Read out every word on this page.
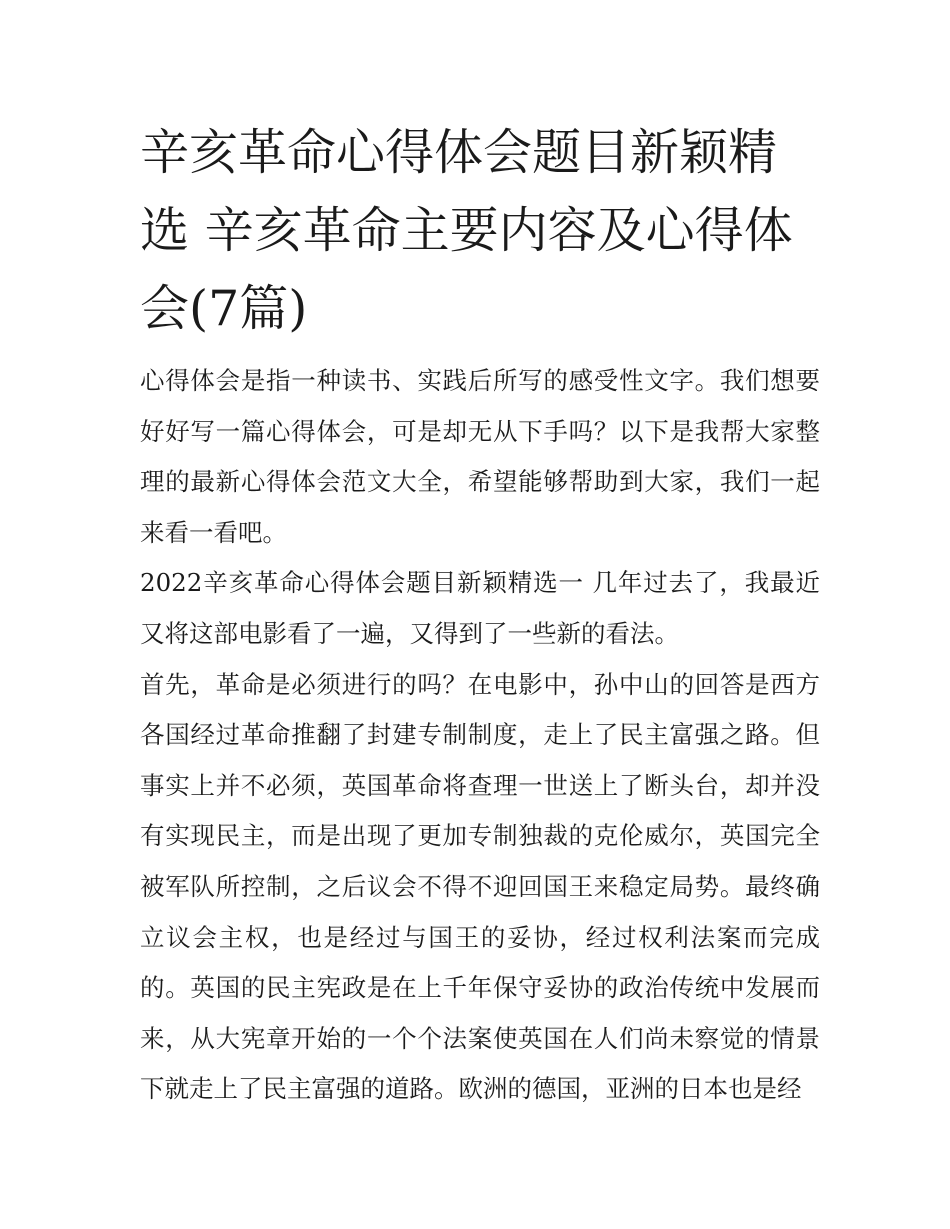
辛亥革命心得体会题目新颖精选 辛亥革命主要内容及心得体会(7篇)

心得体会是指一种读书、实践后所写的感受性文字。我们想要好好写一篇心得体会，可是却无从下手吗？以下是我帮大家整理的最新心得体会范文大全，希望能够帮助到大家，我们一起来看一看吧。

2022辛亥革命心得体会题目新颖精选一 几年过去了，我最近又将这部电影看了一遍，又得到了一些新的看法。

首先，革命是必须进行的吗？在电影中，孙中山的回答是西方各国经过革命推翻了封建专制制度，走上了民主富强之路。但事实上并不必须，英国革命将查理一世送上了断头台，却并没有实现民主，而是出现了更加专制独裁的克伦威尔，英国完全被军队所控制，之后议会不得不迎回国王来稳定局势。最终确立议会主权，也是经过与国王的妥协，经过权利法案而完成的。英国的民主宪政是在上千年保守妥协的政治传统中发展而来，从大宪章开始的一个个法案使英国在人们尚未察觉的情景下就走上了民主富强的道路。欧洲的德国，亚洲的日本也是经
